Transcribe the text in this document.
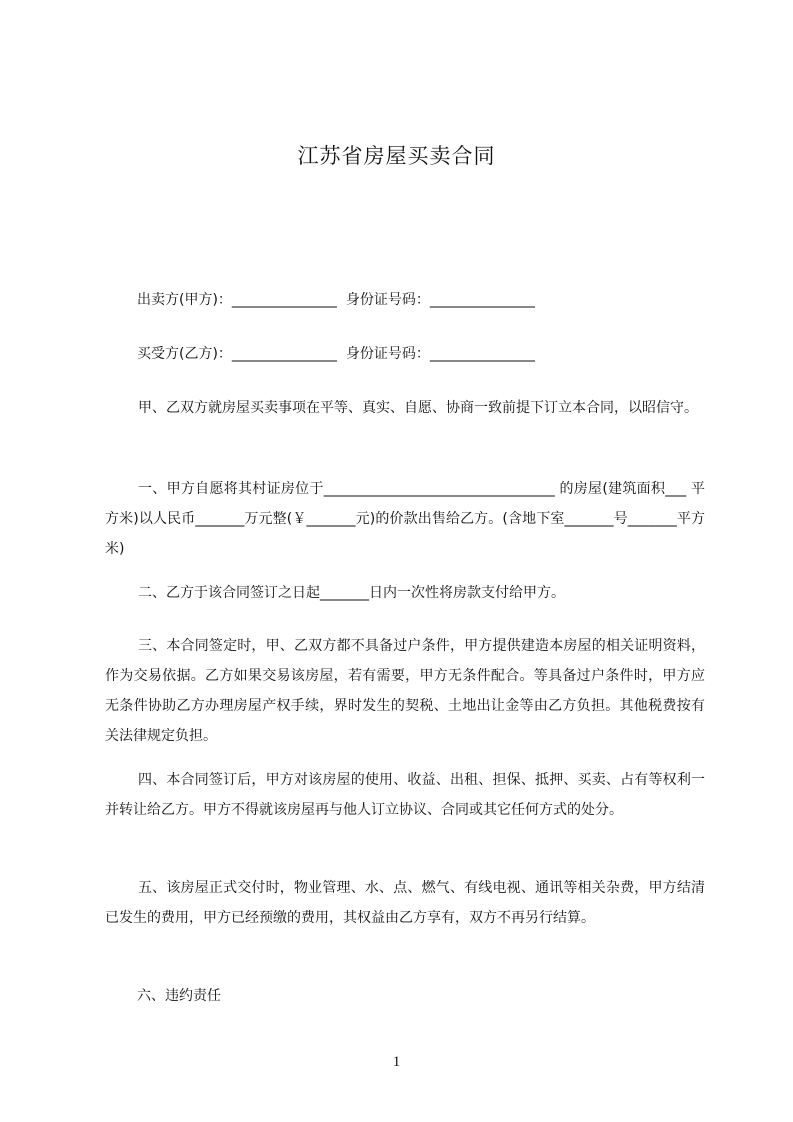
江苏省房屋买卖合同
出卖方(甲方)：_______________  身份证号码：_______________
买受方(乙方)：_______________  身份证号码：_______________

甲、乙双方就房屋买卖事项在平等、真实、自愿、协商一致前提下订立本合同，以昭信守。

一、甲方自愿将其村证房位于_________________________________ 的房屋(建筑面积___ 平方米)以人民币_______万元整(￥_______元)的价款出售给乙方。(含地下室_______号_______平方米)

二、乙方于该合同签订之日起_______日内一次性将房款支付给甲方。

三、本合同签定时，甲、乙双方都不具备过户条件，甲方提供建造本房屋的相关证明资料，作为交易依据。乙方如果交易该房屋，若有需要，甲方无条件配合。等具备过户条件时，甲方应无条件协助乙方办理房屋产权手续，界时发生的契税、土地出让金等由乙方负担。其他税费按有关法律规定负担。

四、本合同签订后，甲方对该房屋的使用、收益、出租、担保、抵押、买卖、占有等权利一并转让给乙方。甲方不得就该房屋再与他人订立协议、合同或其它任何方式的处分。

五、该房屋正式交付时，物业管理、水、点、燃气、有线电视、通讯等相关杂费，甲方结清已发生的费用，甲方已经预缴的费用，其权益由乙方享有，双方不再另行结算。

六、违约责任
1
